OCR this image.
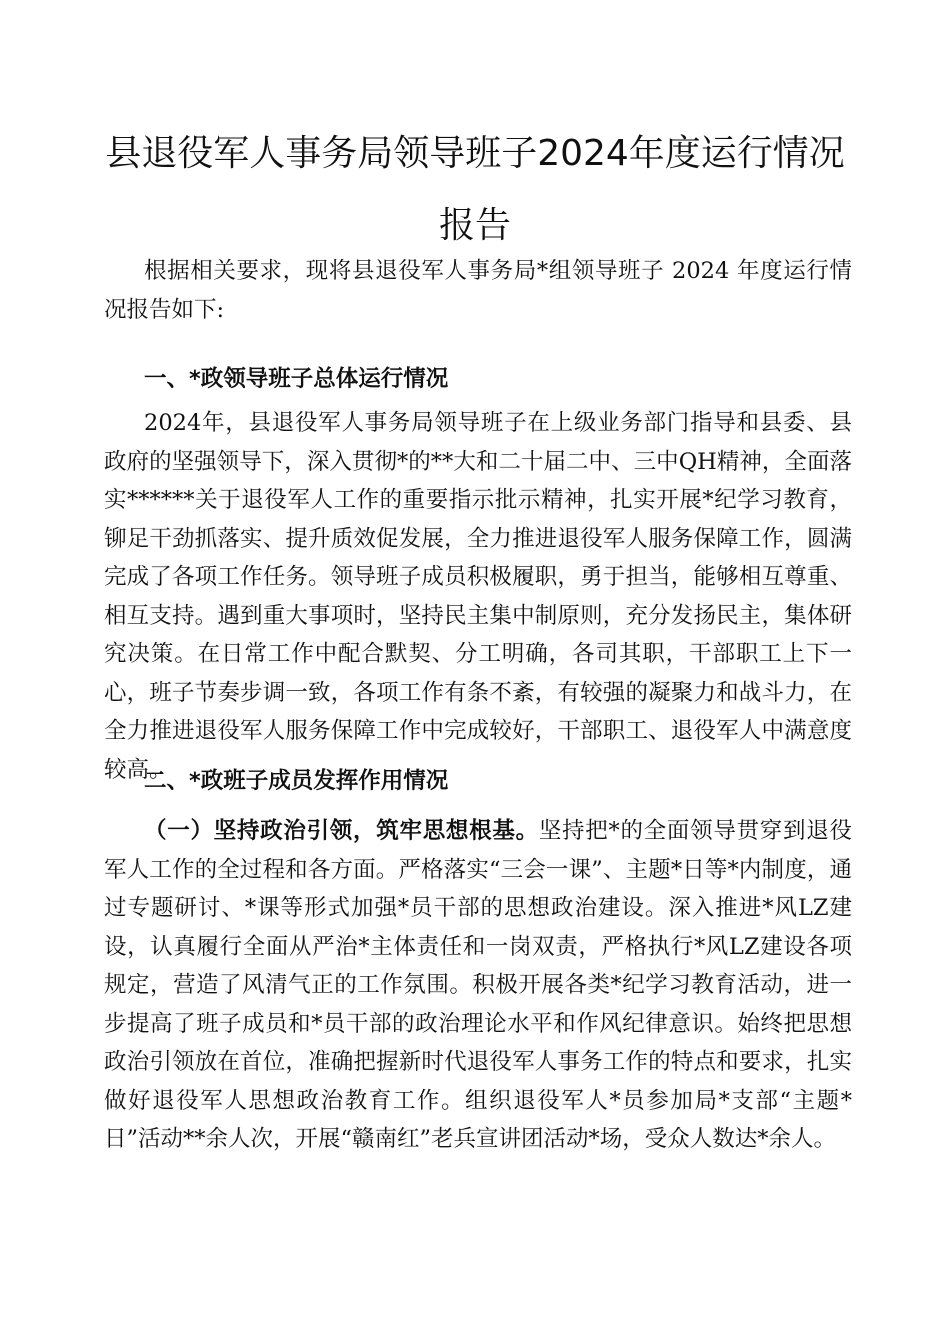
县退役军人事务局领导班子2024年度运行情况
报告

根据相关要求，现将县退役军人事务局*组领导班子 2024 年度运行情况报告如下:

一、*政领导班子总体运行情况

2024年，县退役军人事务局领导班子在上级业务部门指导和县委、县政府的坚强领导下，深入贯彻*的**大和二十届二中、三中QH精神，全面落实******关于退役军人工作的重要指示批示精神，扎实开展*纪学习教育，铆足干劲抓落实、提升质效促发展，全力推进退役军人服务保障工作，圆满完成了各项工作任务。领导班子成员积极履职，勇于担当，能够相互尊重、相互支持。遇到重大事项时，坚持民主集中制原则，充分发扬民主，集体研究决策。在日常工作中配合默契、分工明确，各司其职，干部职工上下一心，班子节奏步调一致，各项工作有条不紊，有较强的凝聚力和战斗力，在全力推进退役军人服务保障工作中完成较好，干部职工、退役军人中满意度较高。

二、*政班子成员发挥作用情况

（一）坚持政治引领，筑牢思想根基。坚持把*的全面领导贯穿到退役军人工作的全过程和各方面。严格落实“三会一课”、主题*日等*内制度，通过专题研讨、*课等形式加强*员干部的思想政治建设。深入推进*风LZ建设，认真履行全面从严治*主体责任和一岗双责，严格执行*风LZ建设各项规定，营造了风清气正的工作氛围。积极开展各类*纪学习教育活动，进一步提高了班子成员和*员干部的政治理论水平和作风纪律意识。始终把思想政治引领放在首位，准确把握新时代退役军人事务工作的特点和要求，扎实做好退役军人思想政治教育工作。组织退役军人*员参加局*支部“主题*日”活动**余人次，开展“赣南红”老兵宣讲团活动*场，受众人数达*余人。
